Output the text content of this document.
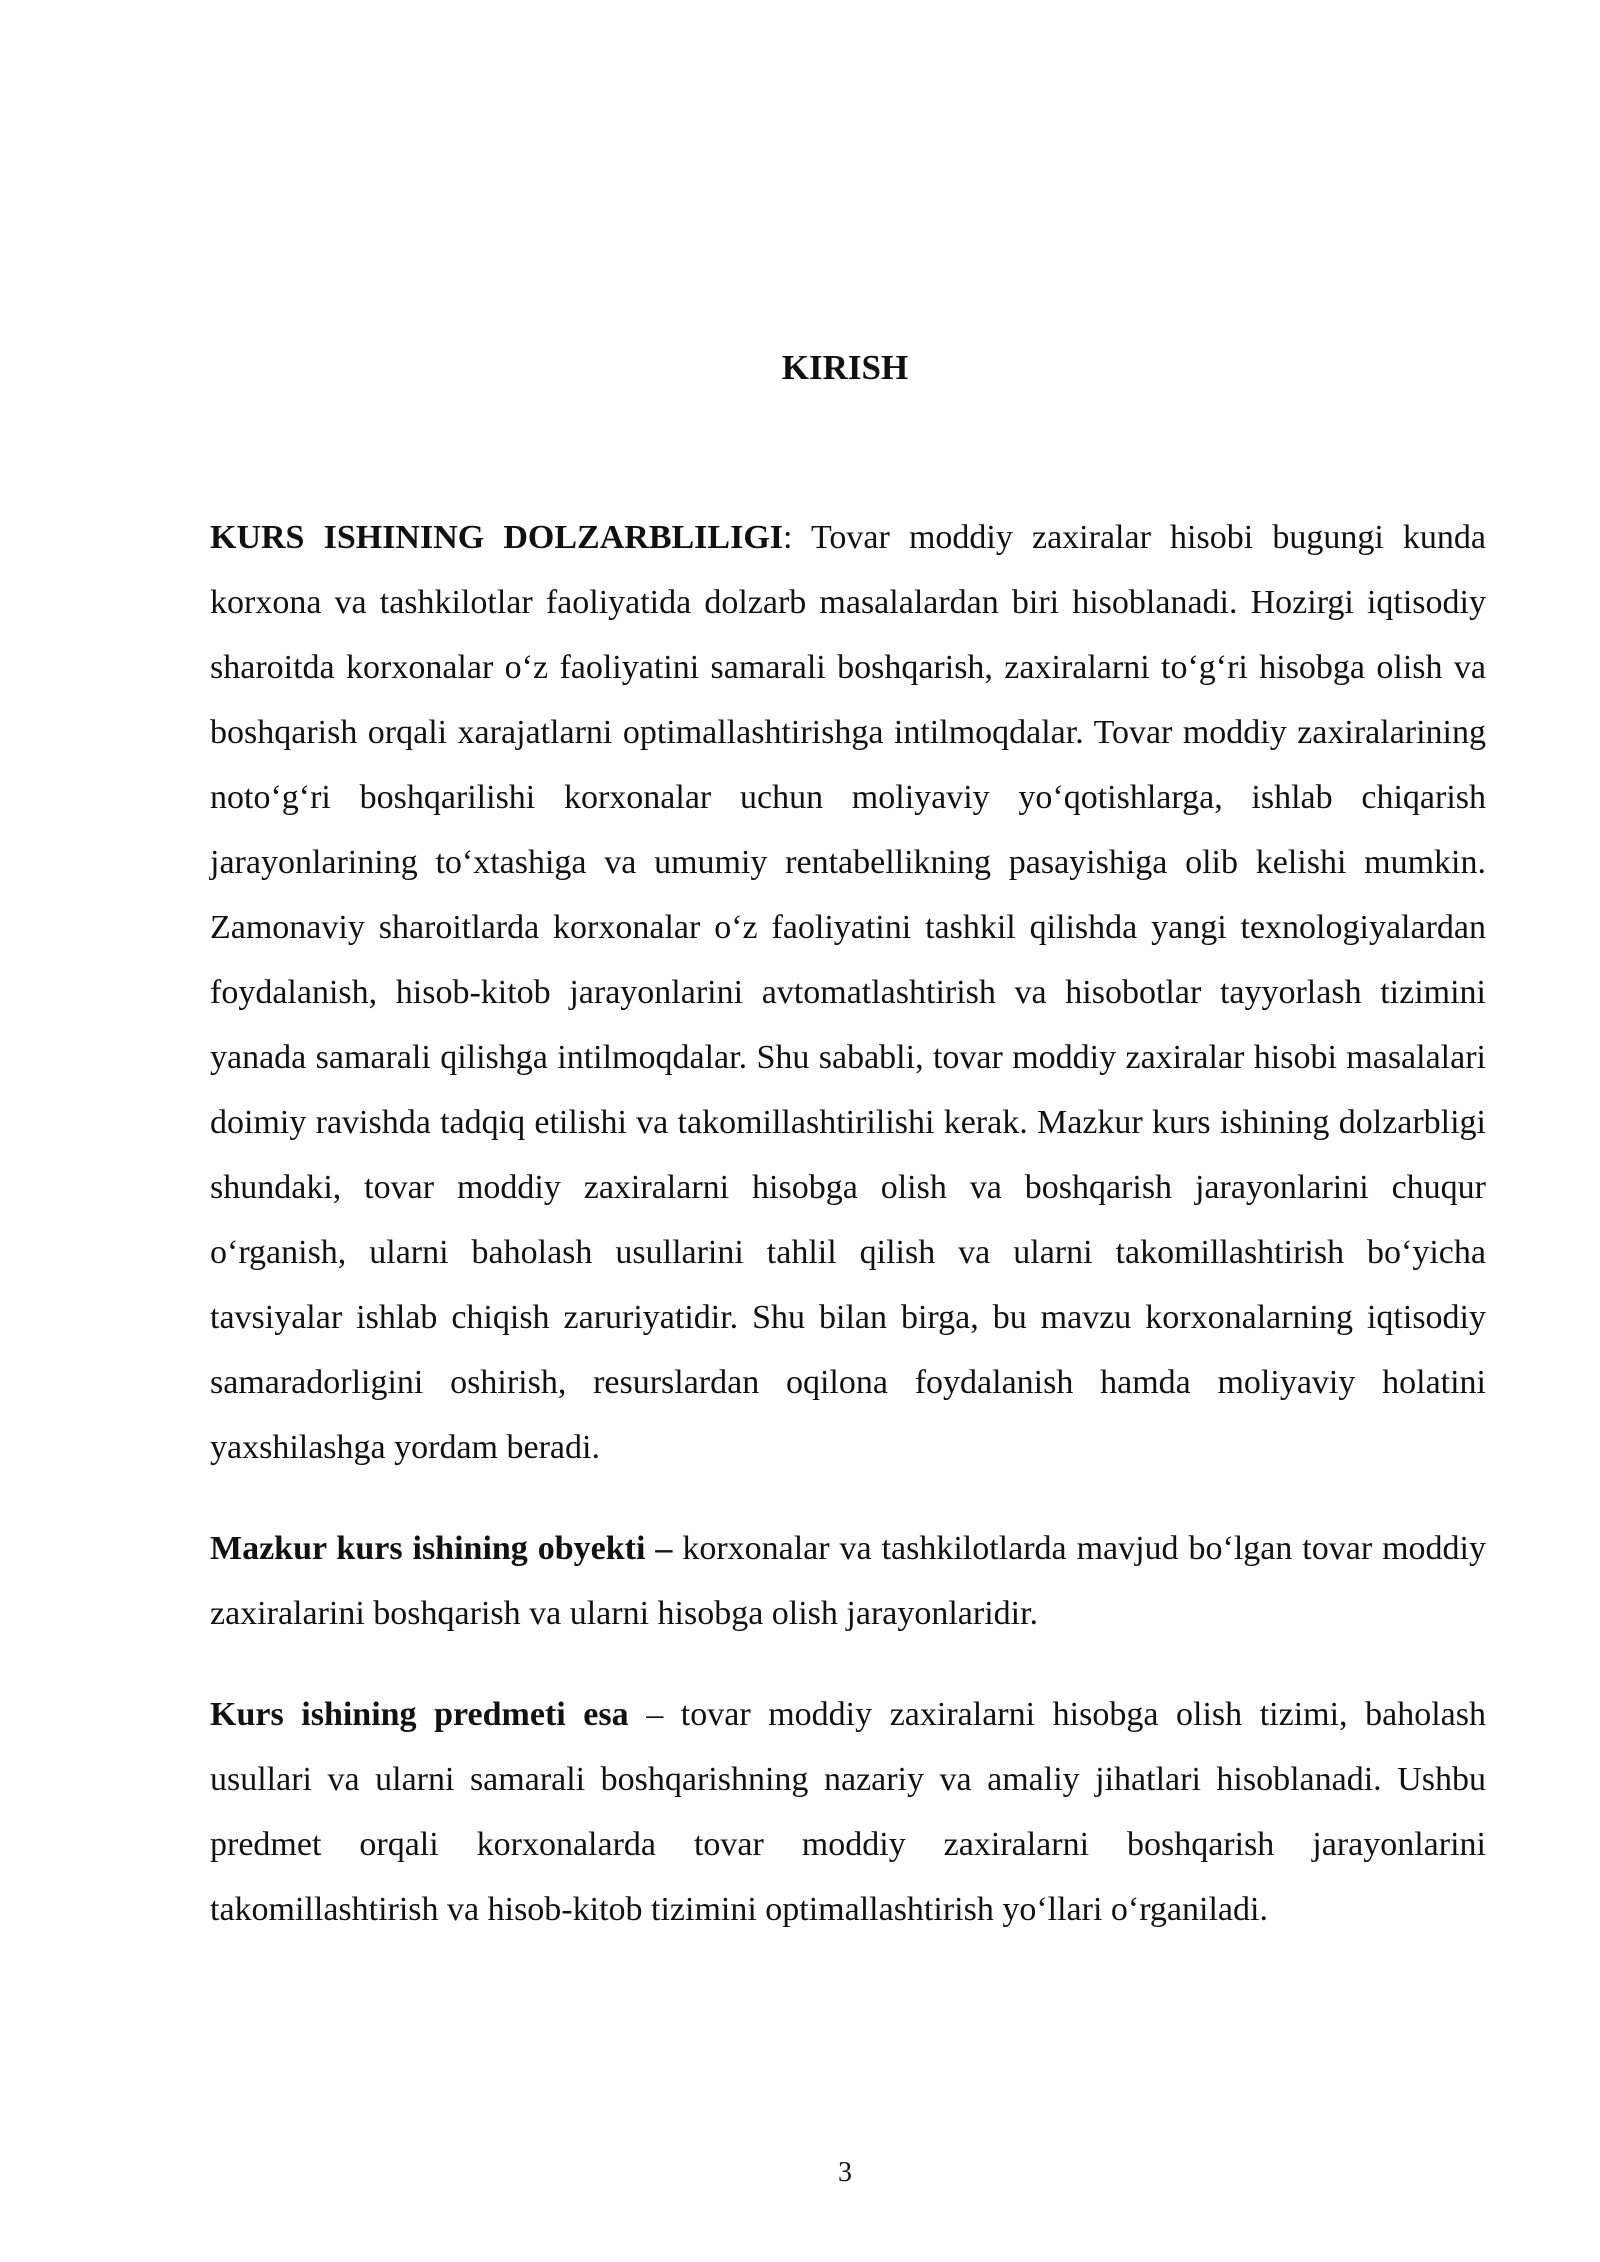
KIRISH

KURS ISHINING DOLZARBLILIGI: Tovar moddiy zaxiralar hisobi bugungi kunda korxona va tashkilotlar faoliyatida dolzarb masalalardan biri hisoblanadi. Hozirgi iqtisodiy sharoitda korxonalar o‘z faoliyatini samarali boshqarish, zaxiralarni to‘g‘ri hisobga olish va boshqarish orqali xarajatlarni optimallashtirishga intilmoqdalar. Tovar moddiy zaxiralarining noto‘g‘ri boshqarilishi korxonalar uchun moliyaviy yo‘qotishlarga, ishlab chiqarish jarayonlarining to‘xtashiga va umumiy rentabellikning pasayishiga olib kelishi mumkin. Zamonaviy sharoitlarda korxonalar o‘z faoliyatini tashkil qilishda yangi texnologiyalardan foydalanish, hisob-kitob jarayonlarini avtomatlashtirish va hisobotlar tayyorlash tizimini yanada samarali qilishga intilmoqdalar. Shu sababli, tovar moddiy zaxiralar hisobi masalalari doimiy ravishda tadqiq etilishi va takomillashtirilishi kerak. Mazkur kurs ishining dolzarbligi shundaki, tovar moddiy zaxiralarni hisobga olish va boshqarish jarayonlarini chuqur o‘rganish, ularni baholash usullarini tahlil qilish va ularni takomillashtirish bo‘yicha tavsiyalar ishlab chiqish zaruriyatidir. Shu bilan birga, bu mavzu korxonalarning iqtisodiy samaradorligini oshirish, resurslardan oqilona foydalanish hamda moliyaviy holatini yaxshilashga yordam beradi.

Mazkur kurs ishining obyekti – korxonalar va tashkilotlarda mavjud bo‘lgan tovar moddiy zaxiralarini boshqarish va ularni hisobga olish jarayonlaridir.

Kurs ishining predmeti esa – tovar moddiy zaxiralarni hisobga olish tizimi, baholash usullari va ularni samarali boshqarishning nazariy va amaliy jihatlari hisoblanadi. Ushbu predmet orqali korxonalarda tovar moddiy zaxiralarni boshqarish jarayonlarini takomillashtirish va hisob-kitob tizimini optimallashtirish yo‘llari o‘rganiladi.

3
